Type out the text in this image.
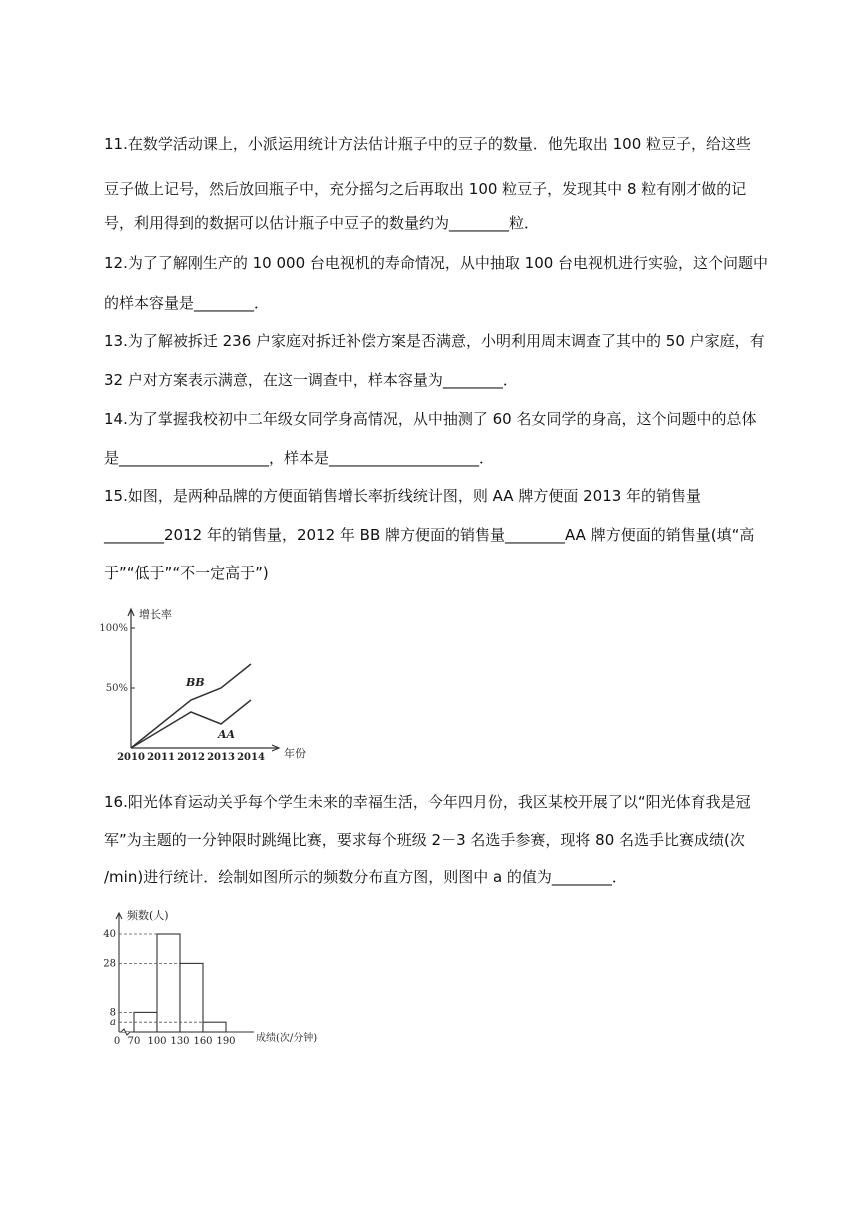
11.在数学活动课上，小派运用统计方法估计瓶子中的豆子的数量．他先取出 100 粒豆子，给这些
豆子做上记号，然后放回瓶子中，充分摇匀之后再取出 100 粒豆子，发现其中 8 粒有刚才做的记
号，利用得到的数据可以估计瓶子中豆子的数量约为________粒．
12.为了了解刚生产的 10 000 台电视机的寿命情况，从中抽取 100 台电视机进行实验，这个问题中
的样本容量是________．
13.为了解被拆迁 236 户家庭对拆迁补偿方案是否满意，小明利用周末调查了其中的 50 户家庭，有
32 户对方案表示满意，在这一调查中，样本容量为________．
14.为了掌握我校初中二年级女同学身高情况，从中抽测了 60 名女同学的身高，这个问题中的总体
是____________________，样本是____________________．
15.如图，是两种品牌的方便面销售增长率折线统计图，则 AA 牌方便面 2013 年的销售量
________2012 年的销售量，2012 年 BB 牌方便面的销售量________AA 牌方便面的销售量(填“高
于”“低于”“不一定高于”)
增长率
年份
50%
100%
2010 2011 2012 2013 2014
BB
AA
16.阳光体育运动关乎每个学生未来的幸福生活，今年四月份，我区某校开展了以“阳光体育我是冠
军”为主题的一分钟限时跳绳比赛，要求每个班级 2－3 名选手参赛，现将 80 名选手比赛成绩(次
/min)进行统计．绘制如图所示的频数分布直方图，则图中 a 的值为________．
频数(人)
成绩(次/分钟)
a
8
28
40
0 70 100 130 160 190
